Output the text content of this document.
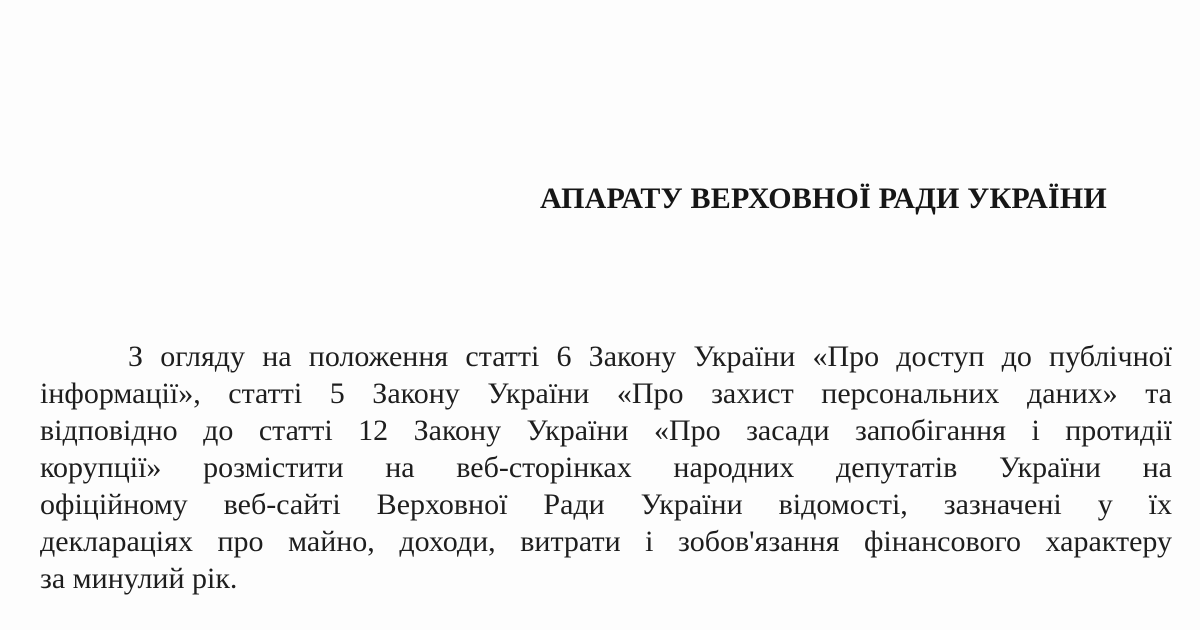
АПАРАТУ ВЕРХОВНОЇ РАДИ УКРАЇНИ
З огляду на положення статті 6 Закону України «Про доступ до публічної
інформації», статті 5 Закону України «Про захист персональних даних» та
відповідно до статті 12 Закону України «Про засади запобігання і протидії
корупції» розмістити на веб-сторінках народних депутатів України на
офіційному веб-сайті Верховної Ради України відомості, зазначені у їх
деклараціях про майно, доходи, витрати і зобов'язання фінансового характеру
за минулий рік.
